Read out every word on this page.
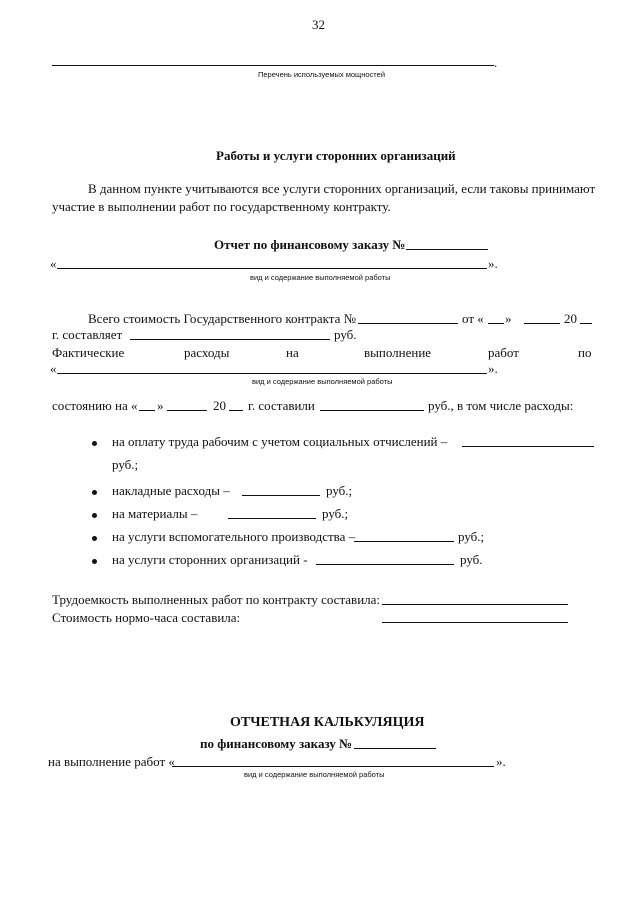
32
.
Перечень используемых мощностей
Работы и услуги сторонних организаций
В данном пункте учитываются все услуги сторонних организаций, если таковы принимают
участие в выполнении работ по государственному контракту.
Отчет по финансовому заказу №
«	».
вид и содержание выполняемой работы
Всего стоимость Государственного контракта №	от « »	20
г. составляет	руб.
Фактические	расходы	на	выполнение	работ	по
«	».
вид и содержание выполняемой работы
состоянию на « »	20 г. составили	руб., в том числе расходы:
на оплату труда рабочим с учетом социальных отчислений –
руб.;
накладные расходы –	руб.;
на материалы –	руб.;
на услуги вспомогательного производства –	руб.;
на услуги сторонних организаций -	руб.
Трудоемкость выполненных работ по контракту составила:
Стоимость нормо-часа составила:
ОТЧЕТНАЯ КАЛЬКУЛЯЦИЯ
по финансовому заказу №
на выполнение работ «	».
вид и содержание выполняемой работы
